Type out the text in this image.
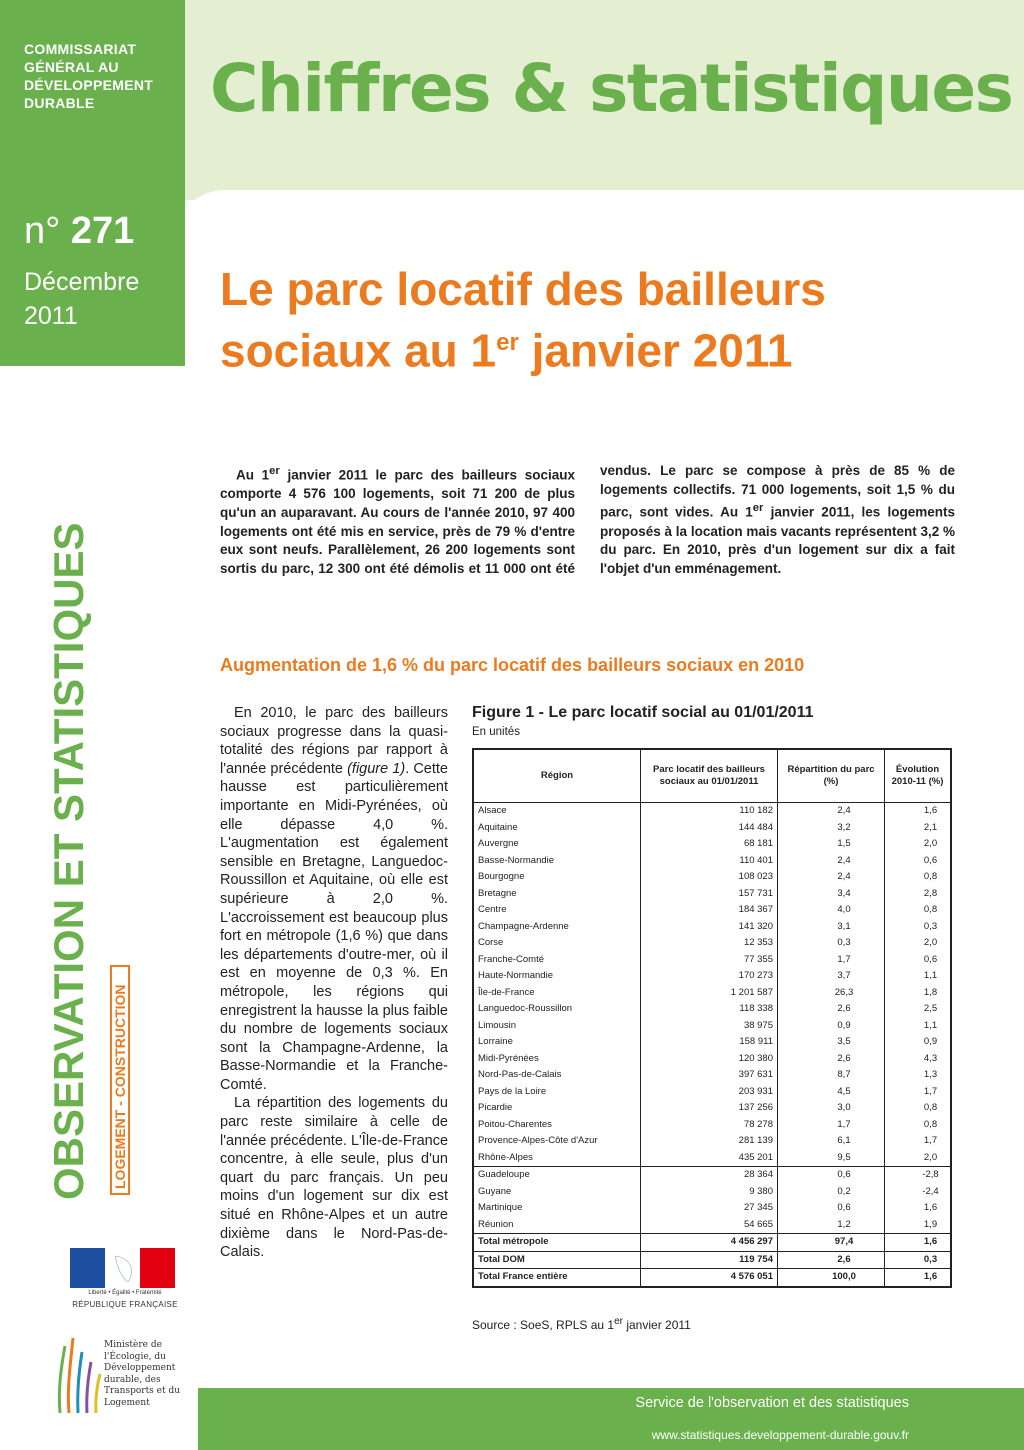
COMMISSARIAT GÉNÉRAL AU DÉVELOPPEMENT DURABLE	Chiffres & statistiques
n° 271
Décembre
2011
Le parc locatif des bailleurs sociaux au 1er janvier 2011
OBSERVATION ET STATISTIQUES LOGEMENT - CONSTRUCTION

Au 1er janvier 2011 le parc des bailleurs sociaux comporte 4 576 100 logements, soit 71 200 de plus qu'un an auparavant. Au cours de l'année 2010, 97 400 logements ont été mis en service, près de 79 % d'entre eux sont neufs. Parallèlement, 26 200 logements sont sortis du parc, 12 300 ont été démolis et 11 000 ont été vendus. Le parc se compose à près de 85 % de logements collectifs. 71 000 logements, soit 1,5 % du parc, sont vides. Au 1er janvier 2011, les logements proposés à la location mais vacants représentent 3,2 % du parc. En 2010, près d'un logement sur dix a fait l'objet d'un emménagement.

Augmentation de 1,6 % du parc locatif des bailleurs sociaux en 2010

En 2010, le parc des bailleurs sociaux progresse dans la quasi-totalité des régions par rapport à l'année précédente (figure 1). Cette hausse est particulièrement importante en Midi-Pyrénées, où elle dépasse 4,0 %. L'augmentation est également sensible en Bretagne, Languedoc-Roussillon et Aquitaine, où elle est supérieure à 2,0 %. L'accroissement est beaucoup plus fort en métropole (1,6 %) que dans les départements d'outre-mer, où il est en moyenne de 0,3 %. En métropole, les régions qui enregistrent la hausse la plus faible du nombre de logements sociaux sont la Champagne-Ardenne, la Basse-Normandie et la Franche-Comté.

La répartition des logements du parc reste similaire à celle de l'année précédente. L'Île-de-France concentre, à elle seule, plus d'un quart du parc français. Un peu moins d'un logement sur dix est situé en Rhône-Alpes et un autre dixième dans le Nord-Pas-de-Calais.

Figure 1 - Le parc locatif social au 01/01/2011
En unités
Région	Parc locatif des bailleurs sociaux au 01/01/2011	Répartition du parc (%)	Évolution 2010-11 (%)
Alsace	110 182	2,4	1,6
Aquitaine	144 484	3,2	2,1
Auvergne	68 181	1,5	2,0
Basse-Normandie	110 401	2,4	0,6
Bourgogne	108 023	2,4	0,8
Bretagne	157 731	3,4	2,8
Centre	184 367	4,0	0,8
Champagne-Ardenne	141 320	3,1	0,3
Corse	12 353	0,3	2,0
Franche-Comté	77 355	1,7	0,6
Haute-Normandie	170 273	3,7	1,1
Île-de-France	1 201 587	26,3	1,8
Languedoc-Roussillon	118 338	2,6	2,5
Limousin	38 975	0,9	1,1
Lorraine	158 911	3,5	0,9
Midi-Pyrénées	120 380	2,6	4,3
Nord-Pas-de-Calais	397 631	8,7	1,3
Pays de la Loire	203 931	4,5	1,7
Picardie	137 256	3,0	0,8
Poitou-Charentes	78 278	1,7	0,8
Provence-Alpes-Côte d'Azur	281 139	6,1	1,7
Rhône-Alpes	435 201	9,5	2,0
Guadeloupe	28 364	0,6	-2,8
Guyane	9 380	0,2	-2,4
Martinique	27 345	0,6	1,6
Réunion	54 665	1,2	1,9
Total métropole	4 456 297	97,4	1,6
Total DOM	119 754	2,6	0,3
Total France entière	4 576 051	100,0	1,6
Source : SoeS, RPLS au 1er janvier 2011
Liberté • Égalité • Fraternité
RÉPUBLIQUE FRANÇAISE
Ministère de l'Écologie, du Développement durable, des Transports et du Logement	Service de l'observation et des statistiques
www.statistiques.developpement-durable.gouv.fr
